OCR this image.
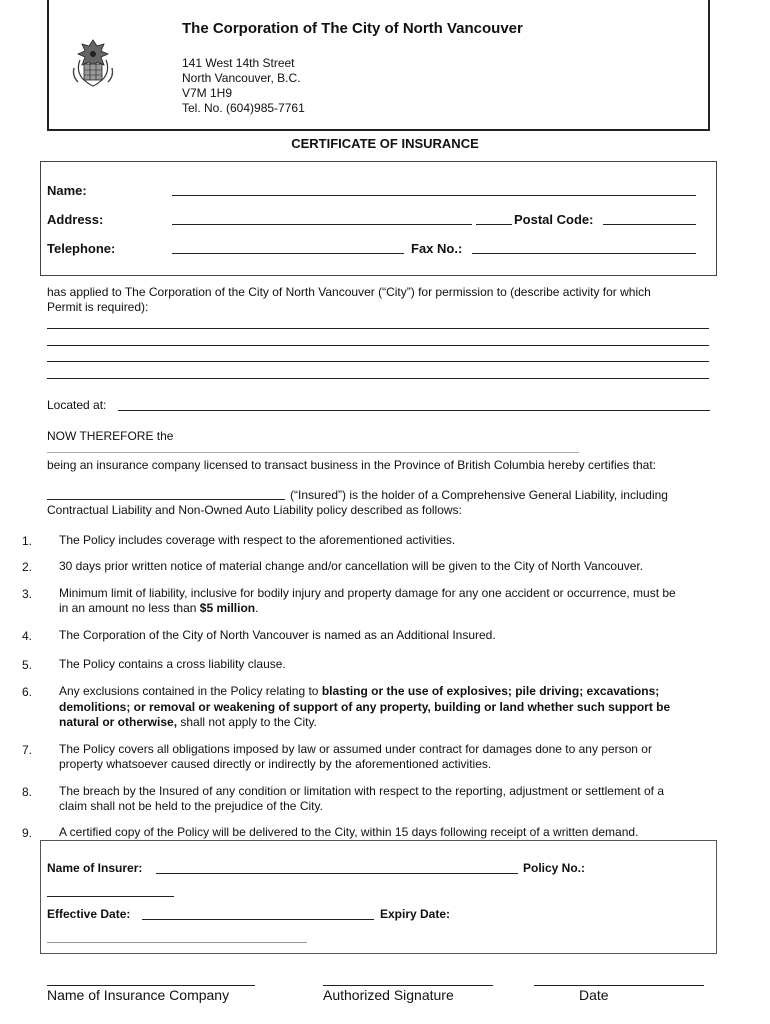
The Corporation of The City of North Vancouver
141 West 14th Street
North Vancouver, B.C.
V7M 1H9
Tel. No. (604)985-7761
CERTIFICATE OF INSURANCE
Name:
Address:	Postal Code:
Telephone:	Fax No.:
has applied to The Corporation of the City of North Vancouver (“City”) for permission to (describe activity for which
Permit is required):
Located at:
NOW THEREFORE the
being an insurance company licensed to transact business in the Province of British Columbia hereby certifies that:
(“Insured”) is the holder of a Comprehensive General Liability, including
Contractual Liability and Non-Owned Auto Liability policy described as follows:
1. The Policy includes coverage with respect to the aforementioned activities.
2. 30 days prior written notice of material change and/or cancellation will be given to the City of North Vancouver.
3. Minimum limit of liability, inclusive for bodily injury and property damage for any one accident or occurrence, must be
in an amount no less than $5 million.
4. The Corporation of the City of North Vancouver is named as an Additional Insured.
5. The Policy contains a cross liability clause.
6. Any exclusions contained in the Policy relating to blasting or the use of explosives; pile driving; excavations;
demolitions; or removal or weakening of support of any property, building or land whether such support be
natural or otherwise, shall not apply to the City.
7. The Policy covers all obligations imposed by law or assumed under contract for damages done to any person or
property whatsoever caused directly or indirectly by the aforementioned activities.
8. The breach by the Insured of any condition or limitation with respect to the reporting, adjustment or settlement of a
claim shall not be held to the prejudice of the City.
9. A certified copy of the Policy will be delivered to the City, within 15 days following receipt of a written demand.
Name of Insurer:	Policy No.:
Effective Date:	Expiry Date:
Name of Insurance Company	Authorized Signature	Date
